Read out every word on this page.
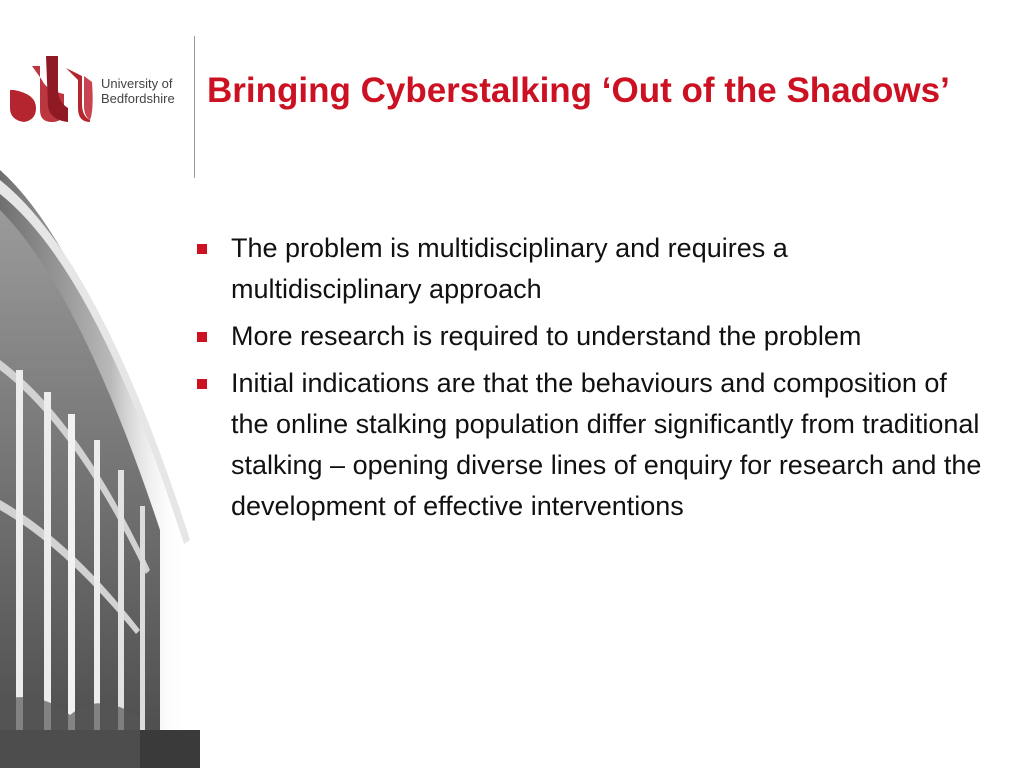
University of
Bedfordshire Bringing Cyberstalking ‘Out of the Shadows’
The problem is multidisciplinary and requires a multidisciplinary approach
More research is required to understand the problem
Initial indications are that the behaviours and composition of the online stalking population differ significantly from traditional stalking – opening diverse lines of enquiry for research and the development of effective interventions
